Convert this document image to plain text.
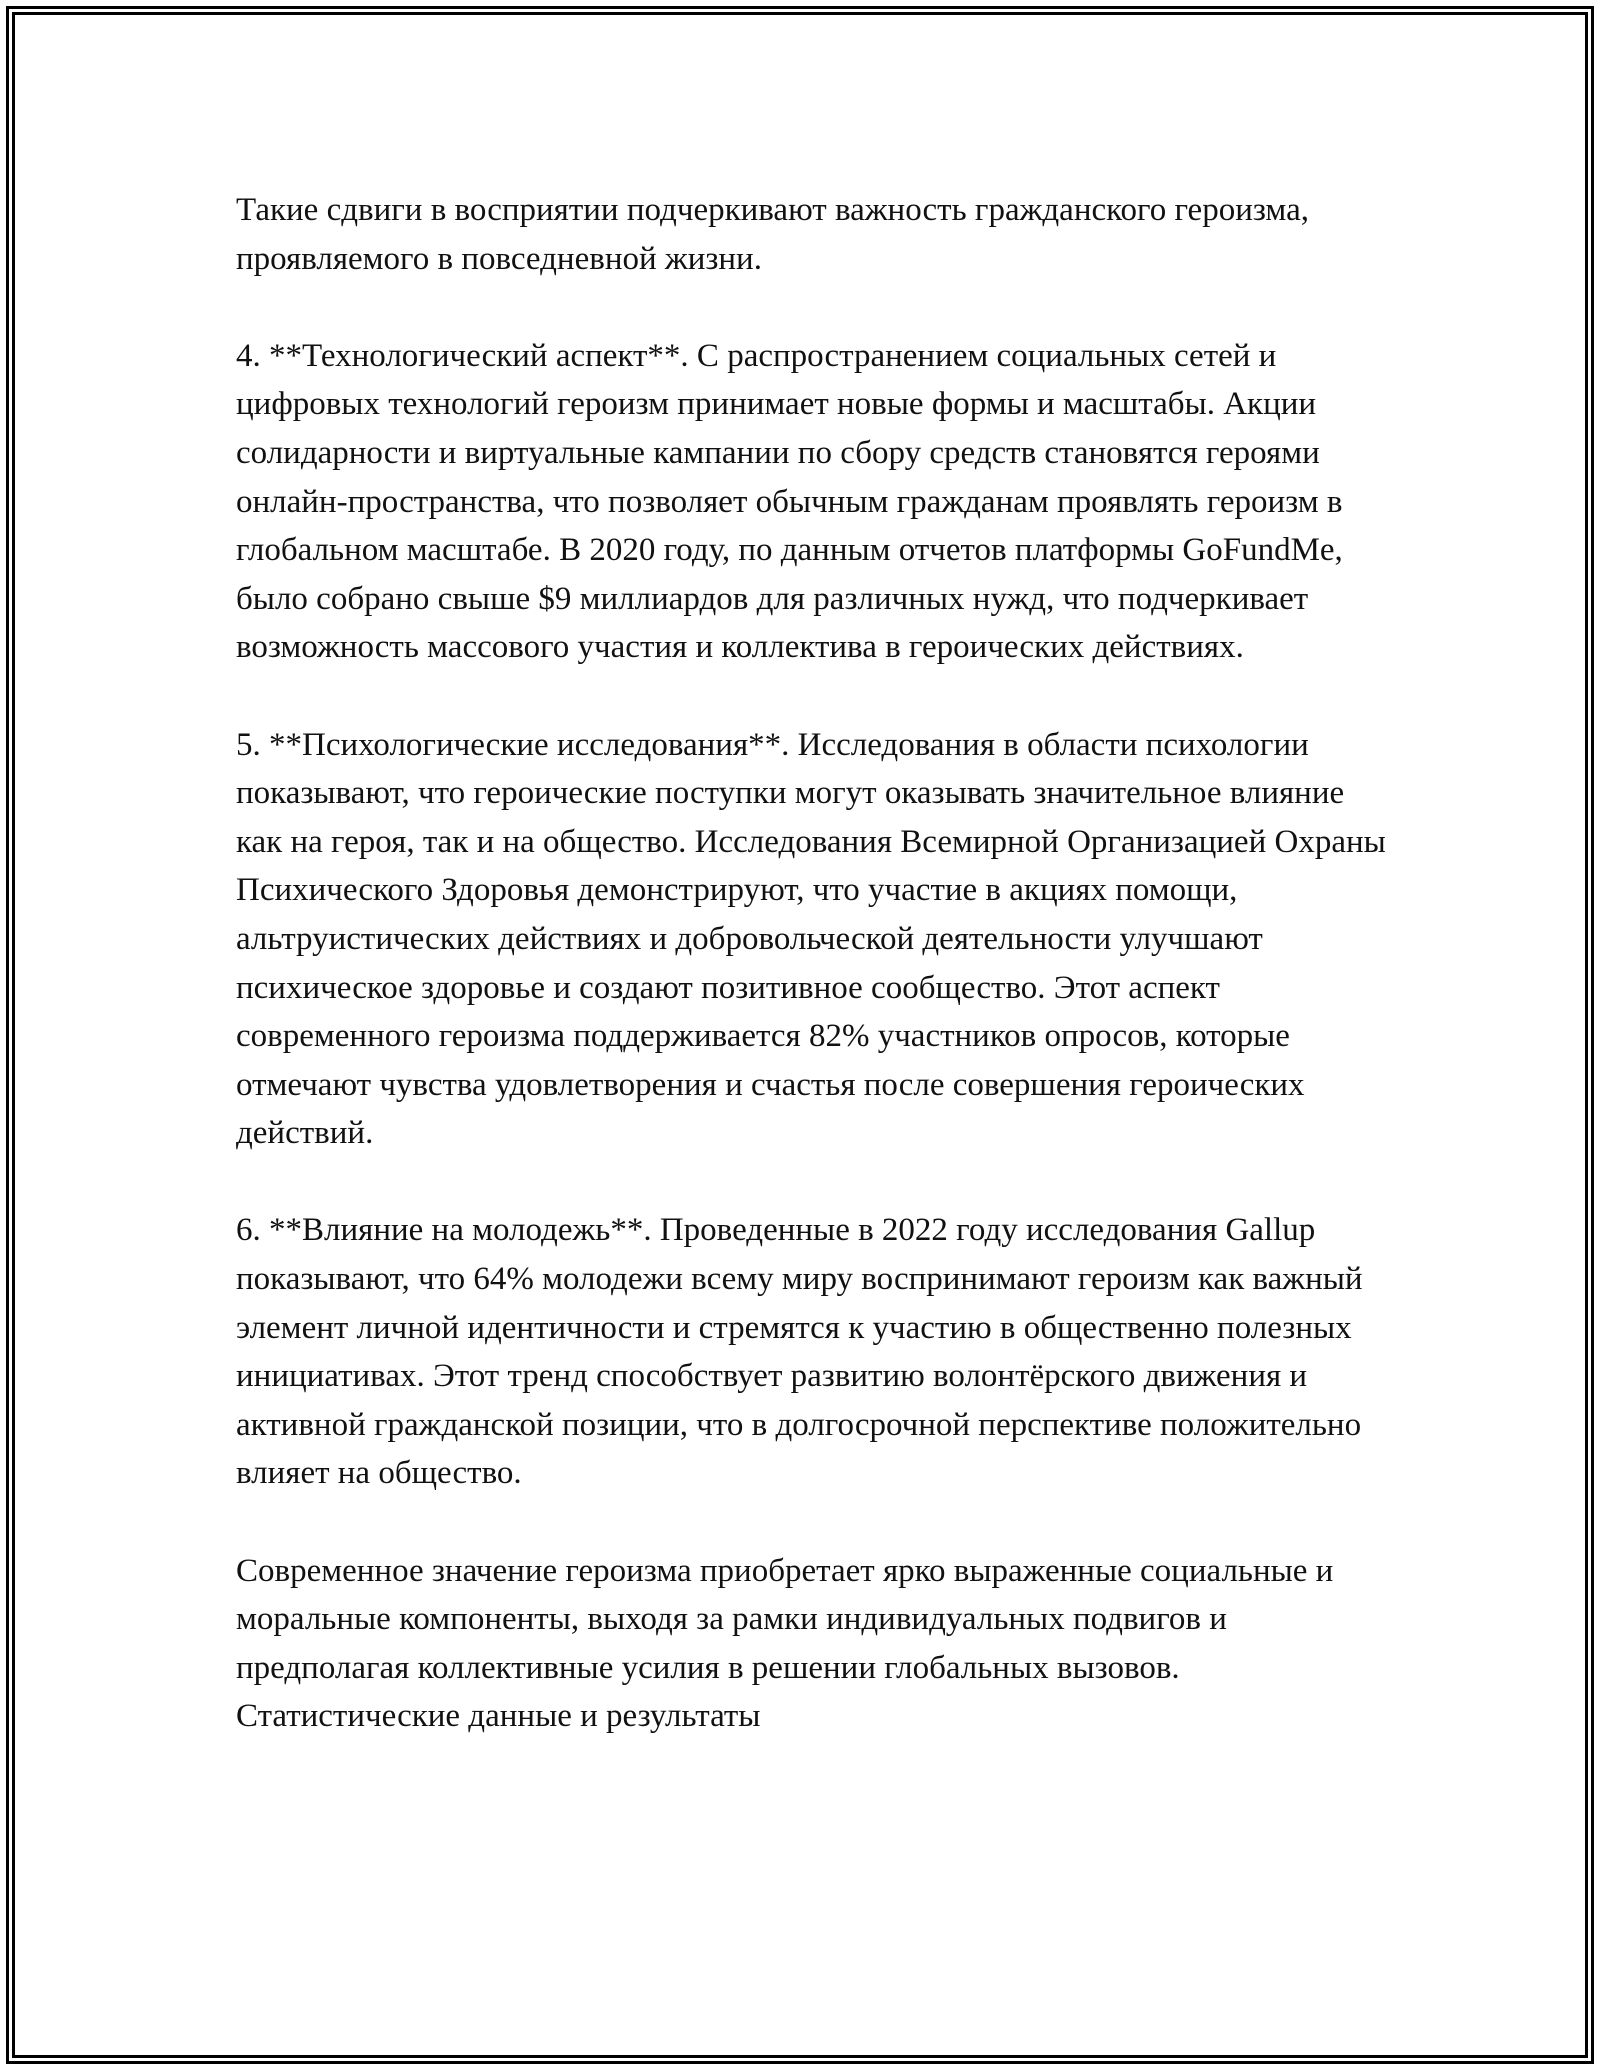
Такие сдвиги в восприятии подчеркивают важность гражданского героизма, проявляемого в повседневной жизни.

4. **Технологический аспект**. С распространением социальных сетей и цифровых технологий героизм принимает новые формы и масштабы. Акции солидарности и виртуальные кампании по сбору средств становятся героями онлайн-пространства, что позволяет обычным гражданам проявлять героизм в глобальном масштабе. В 2020 году, по данным отчетов платформы GoFundMe, было собрано свыше $9 миллиардов для различных нужд, что подчеркивает возможность массового участия и коллектива в героических действиях.

5. **Психологические исследования**. Исследования в области психологии показывают, что героические поступки могут оказывать значительное влияние как на героя, так и на общество. Исследования Всемирной Организацией Охраны Психического Здоровья демонстрируют, что участие в акциях помощи, альтруистических действиях и добровольческой деятельности улучшают психическое здоровье и создают позитивное сообщество. Этот аспект современного героизма поддерживается 82% участников опросов, которые отмечают чувства удовлетворения и счастья после совершения героических действий.

6. **Влияние на молодежь**. Проведенные в 2022 году исследования Gallup показывают, что 64% молодежи всему миру воспринимают героизм как важный элемент личной идентичности и стремятся к участию в общественно полезных инициативах. Этот тренд способствует развитию волонтёрского движения и активной гражданской позиции, что в долгосрочной перспективе положительно влияет на общество.

Современное значение героизма приобретает ярко выраженные социальные и моральные компоненты, выходя за рамки индивидуальных подвигов и предполагая коллективные усилия в решении глобальных вызовов. Статистические данные и результаты
